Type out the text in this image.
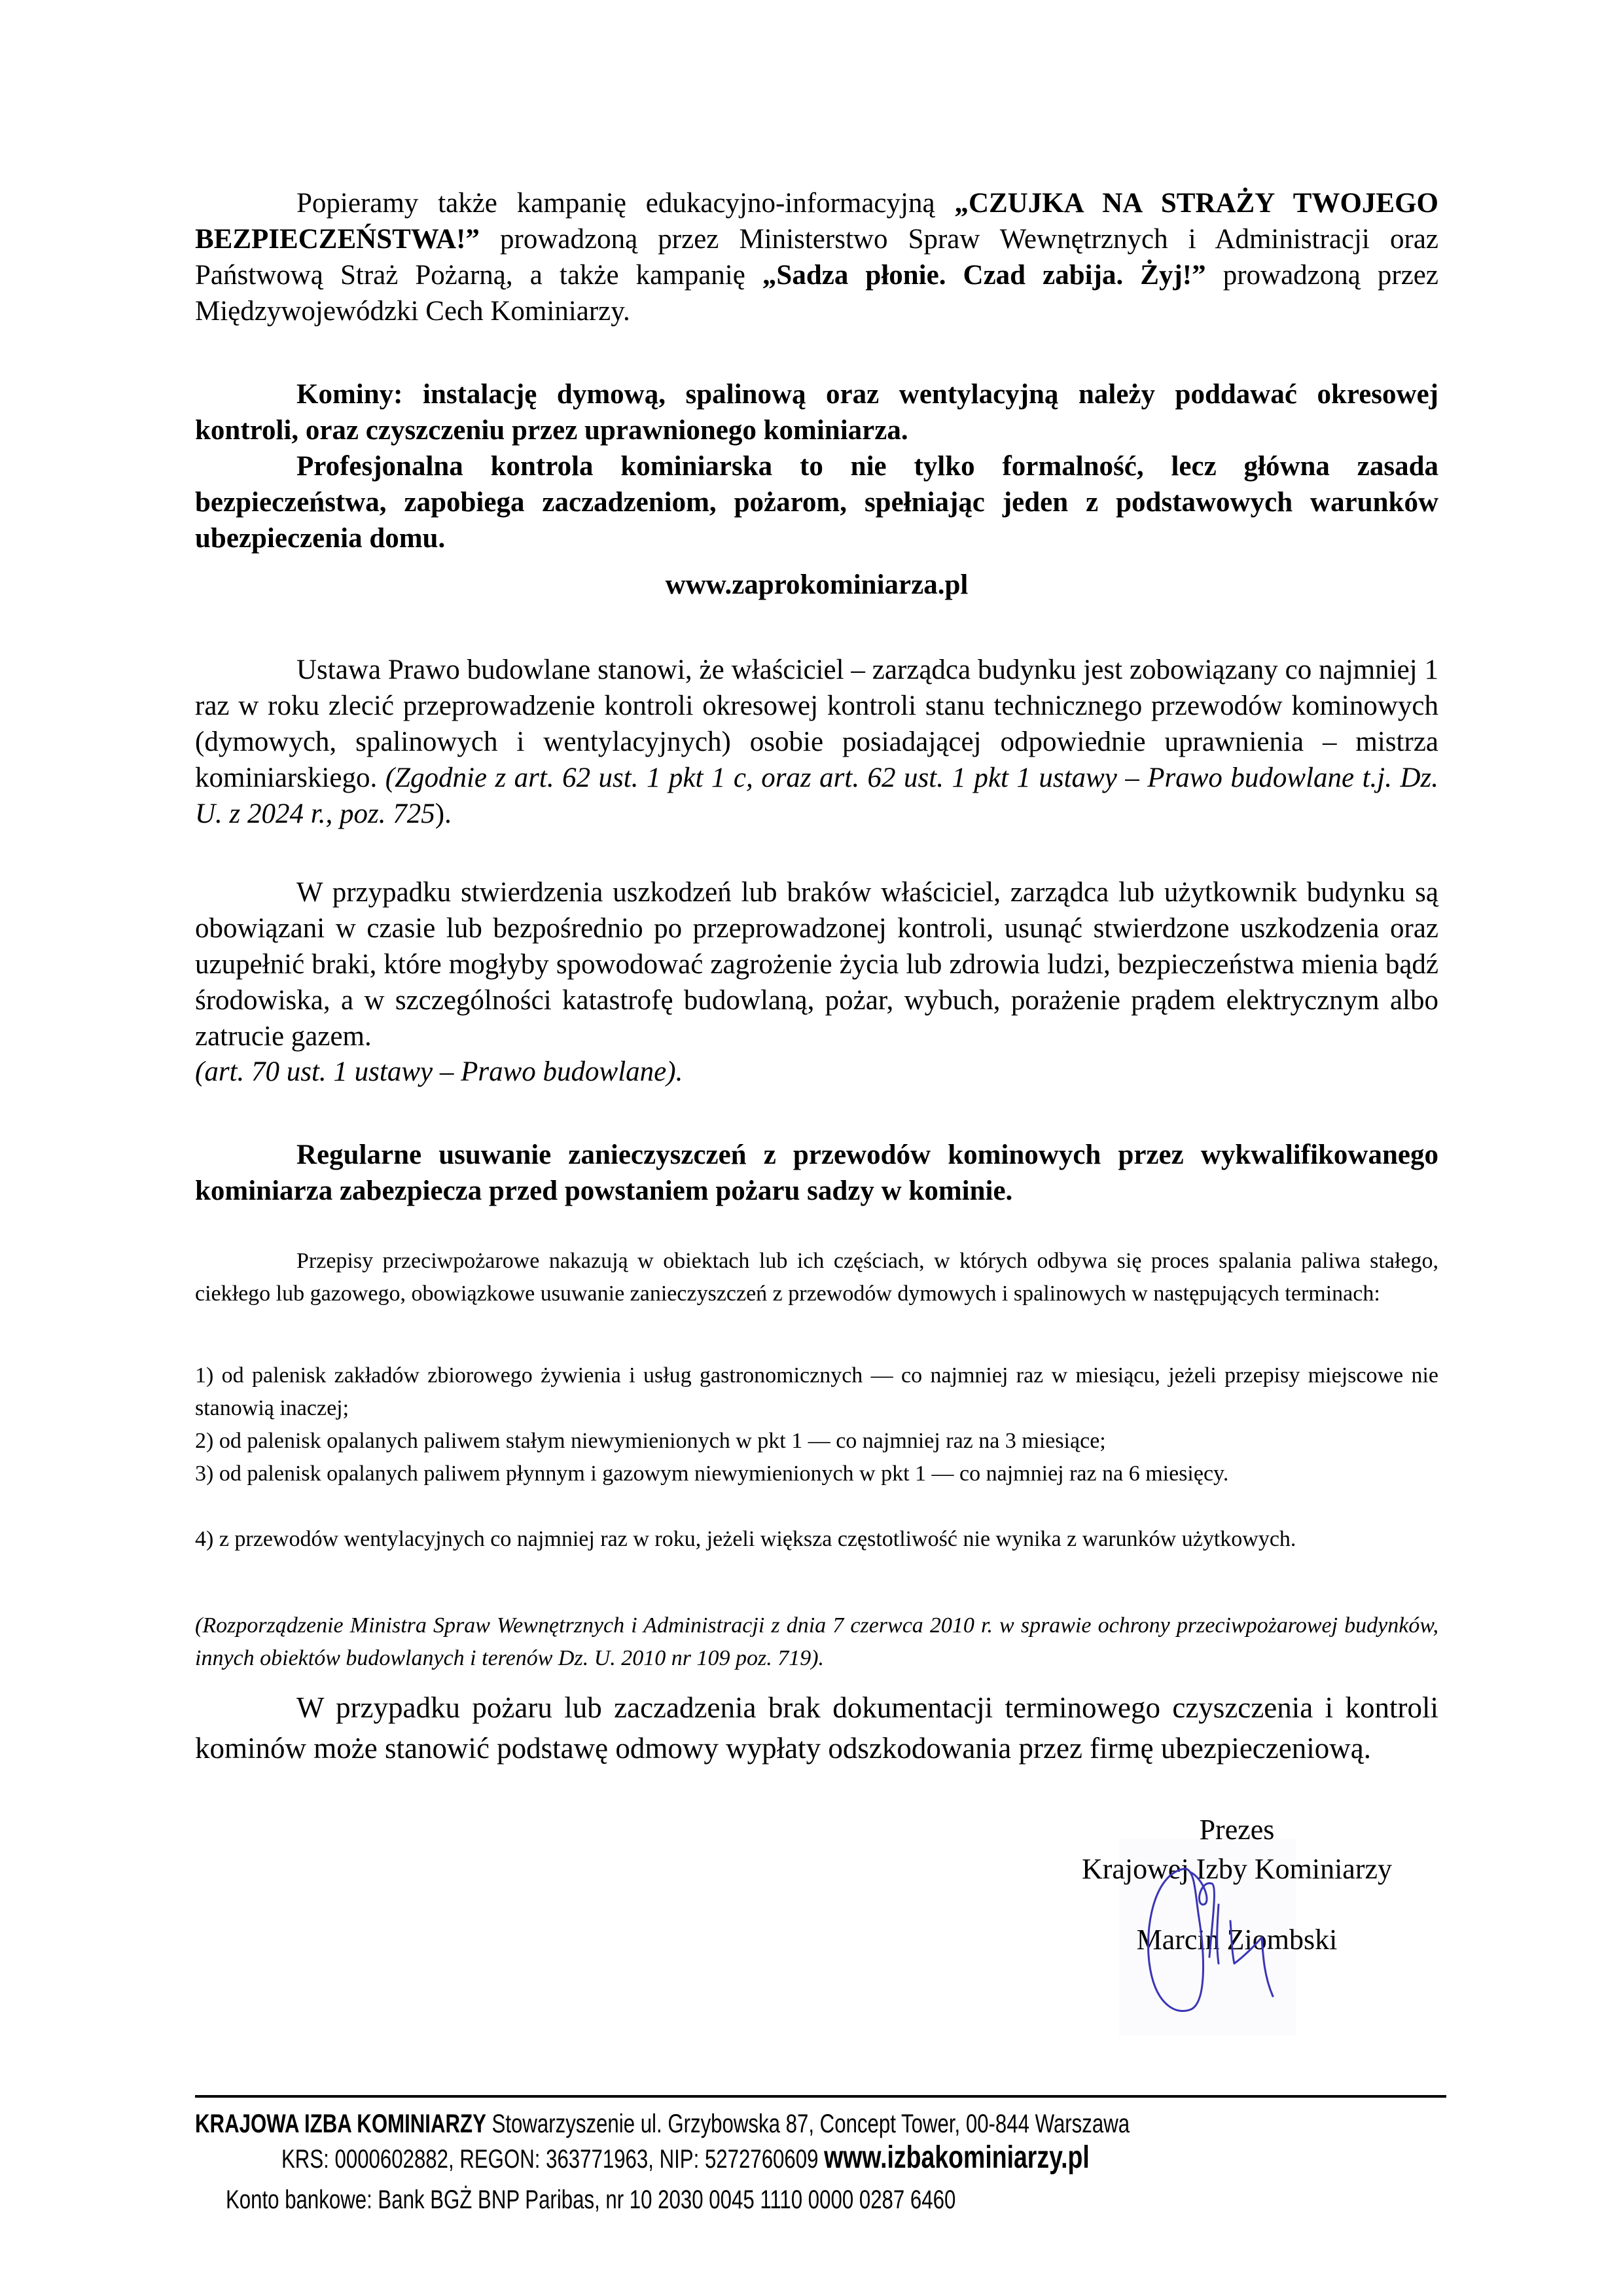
Popieramy także kampanię edukacyjno-informacyjną „CZUJKA NA STRAŻY TWOJEGO BEZPIECZEŃSTWA!” prowadzoną przez Ministerstwo Spraw Wewnętrznych i Administracji oraz Państwową Straż Pożarną, a także kampanię „Sadza płonie. Czad zabija. Żyj!” prowadzoną przez Międzywojewódzki Cech Kominiarzy.

Kominy: instalację dymową, spalinową oraz wentylacyjną należy poddawać okresowej kontroli, oraz czyszczeniu przez uprawnionego kominiarza.

Profesjonalna kontrola kominiarska to nie tylko formalność, lecz główna zasada bezpieczeństwa, zapobiega zaczadzeniom, pożarom, spełniając jeden z podstawowych warunków ubezpieczenia domu.

www.zaprokominiarza.pl

Ustawa Prawo budowlane stanowi, że właściciel – zarządca budynku jest zobowiązany co najmniej 1 raz w roku zlecić przeprowadzenie kontroli okresowej kontroli stanu technicznego przewodów kominowych (dymowych, spalinowych i wentylacyjnych) osobie posiadającej odpowiednie uprawnienia – mistrza kominiarskiego. (Zgodnie z art. 62 ust. 1 pkt 1 c, oraz art. 62 ust. 1 pkt 1 ustawy – Prawo budowlane t.j. Dz. U. z 2024 r., poz. 725).

W przypadku stwierdzenia uszkodzeń lub braków właściciel, zarządca lub użytkownik budynku są obowiązani w czasie lub bezpośrednio po przeprowadzonej kontroli, usunąć stwierdzone uszkodzenia oraz uzupełnić braki, które mogłyby spowodować zagrożenie życia lub zdrowia ludzi, bezpieczeństwa mienia bądź środowiska, a w szczególności katastrofę budowlaną, pożar, wybuch, porażenie prądem elektrycznym albo zatrucie gazem.

(art. 70 ust. 1 ustawy – Prawo budowlane).

Regularne usuwanie zanieczyszczeń z przewodów kominowych przez wykwalifikowanego kominiarza zabezpiecza przed powstaniem pożaru sadzy w kominie.

Przepisy przeciwpożarowe nakazują w obiektach lub ich częściach, w których odbywa się proces spalania paliwa stałego, ciekłego lub gazowego, obowiązkowe usuwanie zanieczyszczeń z przewodów dymowych i spalinowych w następujących terminach:

1) od palenisk zakładów zbiorowego żywienia i usług gastronomicznych — co najmniej raz w miesiącu, jeżeli przepisy miejscowe nie stanowią inaczej;

2) od palenisk opalanych paliwem stałym niewymienionych w pkt 1 — co najmniej raz na 3 miesiące;

3) od palenisk opalanych paliwem płynnym i gazowym niewymienionych w pkt 1 — co najmniej raz na 6 miesięcy.

4) z przewodów wentylacyjnych co najmniej raz w roku, jeżeli większa częstotliwość nie wynika z warunków użytkowych.

(Rozporządzenie Ministra Spraw Wewnętrznych i Administracji z dnia 7 czerwca 2010 r. w sprawie ochrony przeciwpożarowej budynków, innych obiektów budowlanych i terenów Dz. U. 2010 nr 109 poz. 719).

W przypadku pożaru lub zaczadzenia brak dokumentacji terminowego czyszczenia i kontroli kominów może stanowić podstawę odmowy wypłaty odszkodowania przez firmę ubezpieczeniową.

Prezes
Krajowej Izby Kominiarzy
Marcin Ziombski
KRAJOWA IZBA KOMINIARZY Stowarzyszenie ul. Grzybowska 87, Concept Tower, 00-844 Warszawa
KRS: 0000602882, REGON: 363771963, NIP: 5272760609 www.izbakominiarzy.pl
Konto bankowe: Bank BGŻ BNP Paribas, nr 10 2030 0045 1110 0000 0287 6460
